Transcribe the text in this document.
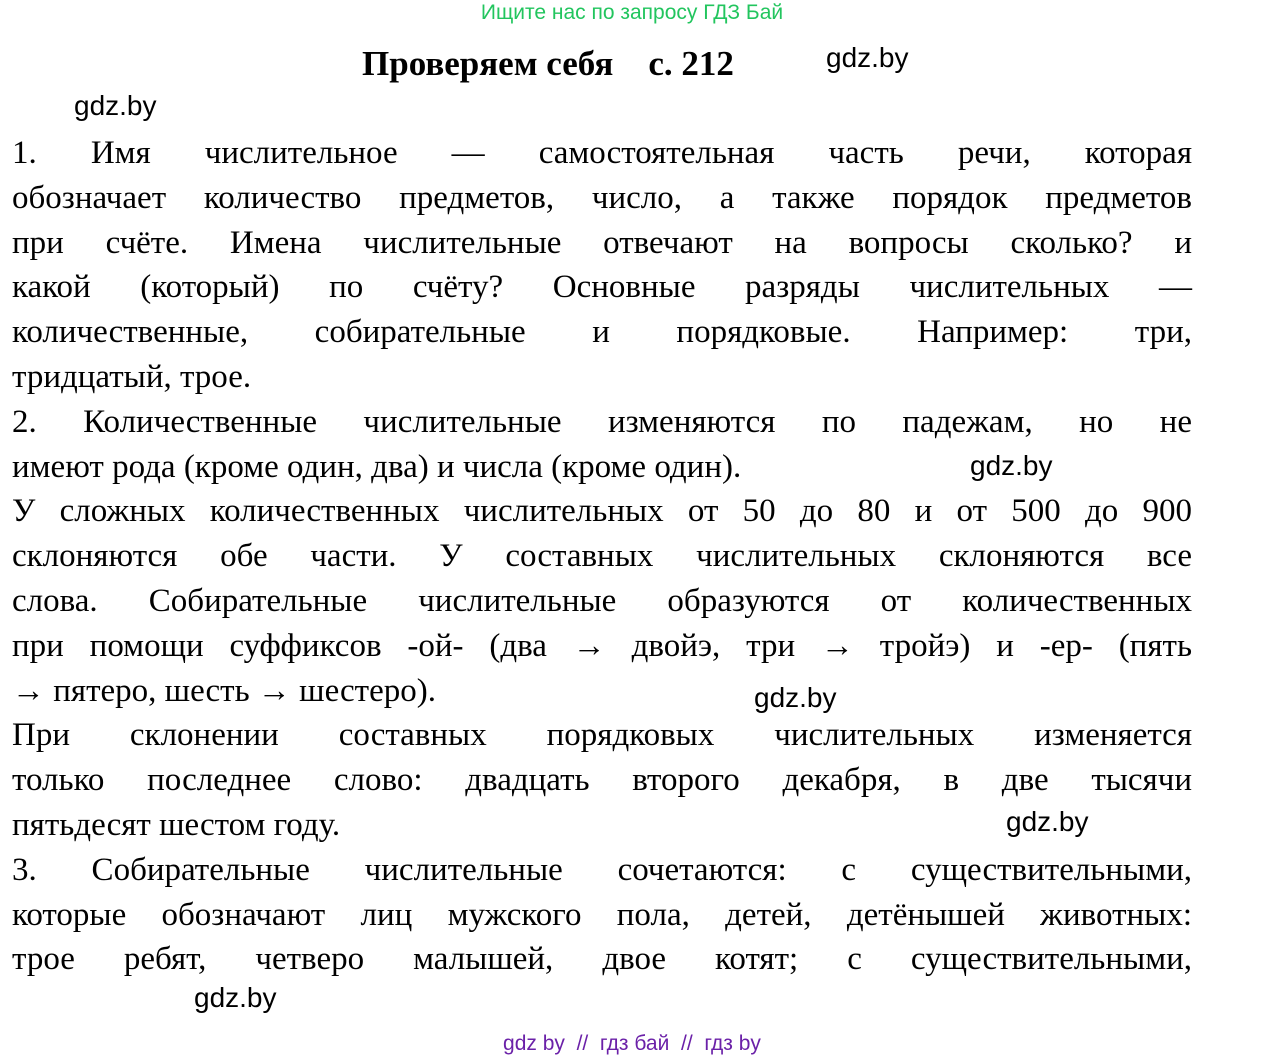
Ищите нас по запросу ГДЗ Бай
Проверяем себя с. 212	gdz.by
gdz.by
1. Имя числительное — самостоятельная часть речи, которая
обозначает количество предметов, число, а также порядок предметов
при счёте. Имена числительные отвечают на вопросы сколько? и
какой (который) по счёту? Основные разряды числительных —
количественные, собирательные и порядковые. Например: три,
тридцатый, трое.
2. Количественные числительные изменяются по падежам, но не
имеют рода (кроме один, два) и числа (кроме один).
У сложных количественных числительных от 50 до 80 и от 500 до 900
склоняются обе части. У составных числительных склоняются все
слова. Собирательные числительные образуются от количественных
при помощи суффиксов -ой- (два → двойэ, три → тройэ) и -ер- (пять
→ пятеро, шесть → шестеро).
При склонении составных порядковых числительных изменяется
только последнее слово: двадцать второго декабря, в две тысячи
пятьдесят шестом году.
3. Собирательные числительные сочетаются: с существительными,
которые обозначают лиц мужского пола, детей, детёнышей животных:
трое ребят, четверо малышей, двое котят; с существительными,
gdz.by
gdz.by
gdz.by
gdz.by
gdz by  //  гдз бай  //  гдз by
